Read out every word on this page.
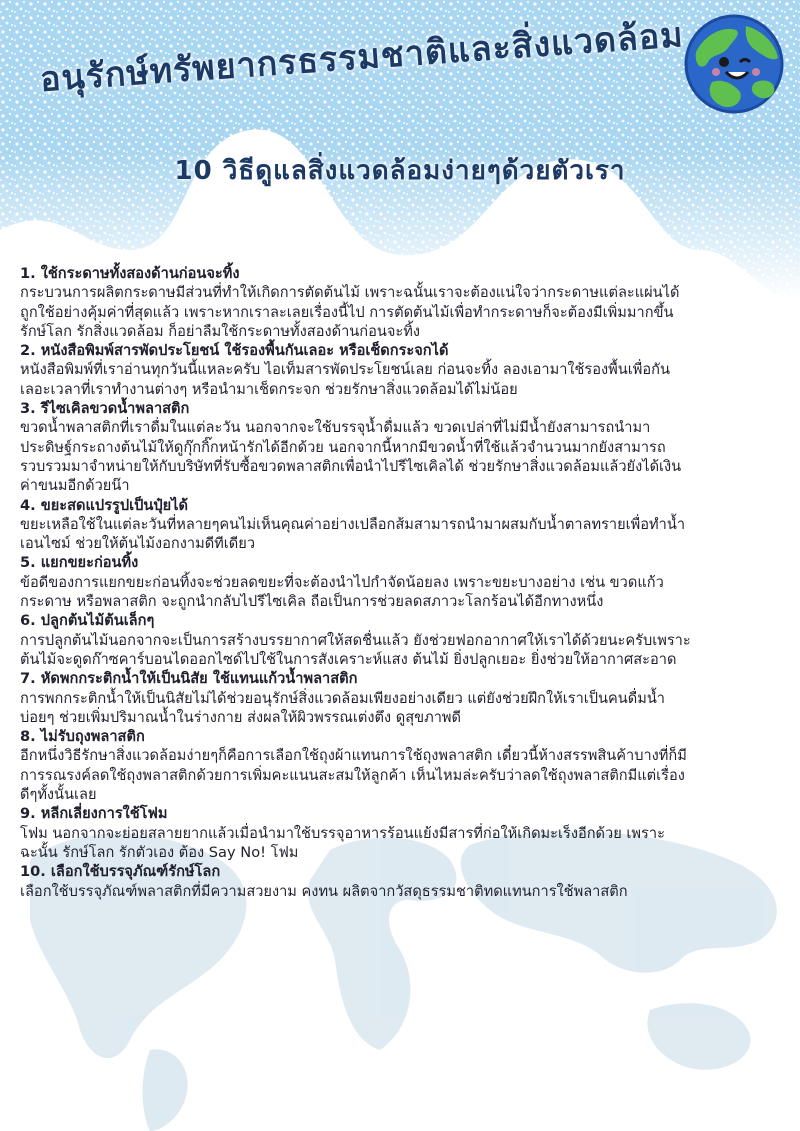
อนุรักษ์ทรัพยากรธรรมชาติและสิ่งแวดล้อม
10 วิธีดูแลสิ่งแวดล้อมง่ายๆด้วยตัวเรา
1. ใช้กระดาษทั้งสองด้านก่อนจะทิ้ง

กระบวนการผลิตกระดาษมีส่วนที่ทำให้เกิดการตัดต้นไม้ เพราะฉนั้นเราจะต้องแน่ใจว่ากระดาษแต่ละแผ่นได้

ถูกใช้อย่างคุ้มค่าที่สุดแล้ว เพราะหากเราละเลยเรื่องนี้ไป การตัดต้นไม้เพื่อทำกระดาษก็จะต้องมีเพิ่มมากขึ้น

รักษ์โลก รักสิ่งแวดล้อม ก็อย่าลืมใช้กระดาษทั้งสองด้านก่อนจะทิ้ง

2. หนังสือพิมพ์สารพัดประโยชน์ ใช้รองพื้นกันเลอะ หรือเช็ดกระจกได้

หนังสือพิมพ์ที่เราอ่านทุกวันนี้แหละครับ ไอเท็มสารพัดประโยชน์เลย ก่อนจะทิ้ง ลองเอามาใช้รองพื้นเพื่อกัน

เลอะเวลาที่เราทำงานต่างๆ หรือนำมาเช็ดกระจก ช่วยรักษาสิ่งแวดล้อมได้ไม่น้อย

3. รีไซเคิลขวดน้ำพลาสติก

ขวดน้ำพลาสติกที่เราดื่มในแต่ละวัน นอกจากจะใช้บรรจุน้ำดื่มแล้ว ขวดเปล่าที่ไม่มีน้ำยังสามารถนำมา

ประดิษฐ์กระถางต้นไม้ให้ดูกุ๊กกิ๊กหน้ารักได้อีกด้วย นอกจากนี้หากมีขวดน้ำที่ใช้แล้วจำนวนมากยังสามารถ

รวบรวมมาจำหน่ายให้กับบริษัทที่รับซื้อขวดพลาสติกเพื่อนำไปรีไซเคิลได้ ช่วยรักษาสิ่งแวดล้อมแล้วยังได้เงิน

ค่าขนมอีกด้วยน๊า

4. ขยะสดแปรรูปเป็นปุ๋ยได้

ขยะเหลือใช้ในแต่ละวันที่หลายๆคนไม่เห็นคุณค่าอย่างเปลือกส้มสามารถนำมาผสมกับน้ำตาลทรายเพื่อทำน้ำ

เอนไซม์ ช่วยให้ต้นไม้งอกงามดีทีเดียว

5. แยกขยะก่อนทิ้ง

ข้อดีของการแยกขยะก่อนทิ้งจะช่วยลดขยะที่จะต้องนำไปกำจัดน้อยลง เพราะขยะบางอย่าง เช่น ขวดแก้ว

กระดาษ หรือพลาสติก จะถูกนำกลับไปรีไซเคิล ถือเป็นการช่วยลดสภาวะโลกร้อนได้อีกทางหนึ่ง

6. ปลูกต้นไม้ต้นเล็กๆ

การปลูกต้นไม้นอกจากจะเป็นการสร้างบรรยากาศให้สดชื่นแล้ว ยังช่วยฟอกอากาศให้เราได้ด้วยนะครับเพราะ

ต้นไม้จะดูดก๊าซคาร์บอนไดออกไซด์ไปใช้ในการสังเคราะห์แสง ต้นไม้ ยิ่งปลูกเยอะ ยิ่งช่วยให้อากาศสะอาด

7. หัดพกกระติกน้ำให้เป็นนิสัย ใช้แทนแก้วน้ำพลาสติก

การพกกระติกน้ำให้เป็นนิสัยไม่ได้ช่วยอนุรักษ์สิ่งแวดล้อมเพียงอย่างเดียว แต่ยังช่วยฝึกให้เราเป็นคนดื่มน้ำ

บ่อยๆ ช่วยเพิ่มปริมาณน้ำในร่างกาย ส่งผลให้ผิวพรรณเต่งตึง ดูสุขภาพดี

8. ไม่รับถุงพลาสติก

อีกหนึ่งวิธีรักษาสิ่งแวดล้อมง่ายๆก็คือการเลือกใช้ถุงผ้าแทนการใช้ถุงพลาสติก เดี๋ยวนี้ห้างสรรพสินค้าบางที่ก็มี

การรณรงค์ลดใช้ถุงพลาสติกด้วยการเพิ่มคะแนนสะสมให้ลูกค้า เห็นไหมล่ะครับว่าลดใช้ถุงพลาสติกมีแต่เรื่อง

ดีๆทั้งนั้นเลย

9. หลีกเลี่ยงการใช้โฟม

โฟม นอกจากจะย่อยสลายยากแล้วเมื่อนำมาใช้บรรจุอาหารร้อนแย้งมีสารที่ก่อให้เกิดมะเร็งอีกด้วย เพราะ

ฉะนั้น รักษ์โลก รักตัวเอง ต้อง Say No! โฟม

10. เลือกใช้บรรจุภัณฑ์รักษ์โลก

เลือกใช้บรรจุภัณฑ์พลาสติกที่มีความสวยงาม คงทน ผลิตจากวัสดุธรรมชาติทดแทนการใช้พลาสติก
